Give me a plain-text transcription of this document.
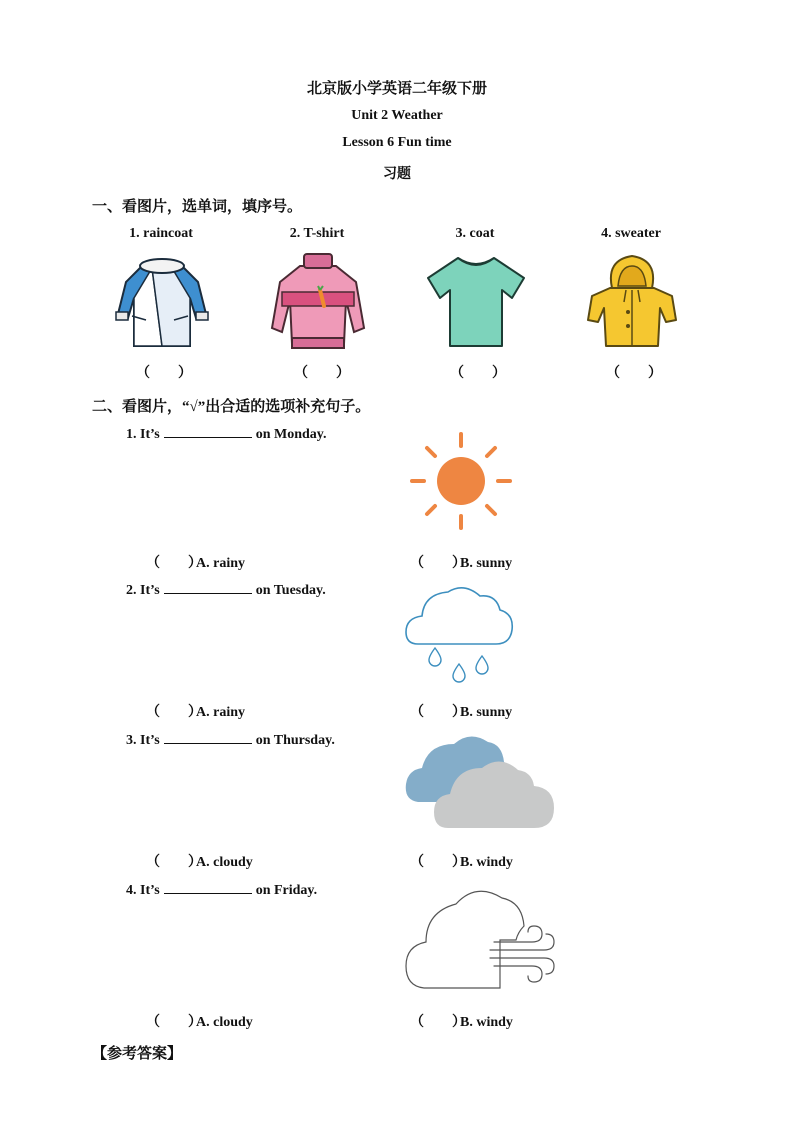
北京版小学英语二年级下册
Unit 2 Weather
Lesson 6 Fun time
习题
一、看图片，选单词，填序号。
1. raincoat	2. T-shirt	3. coat	4. sweater
（　　）	（　　）	（　　）	（　　）
二、看图片，“√”出合适的选项补充句子。
1. It’s	on Monday.
（　　）A. rainy	（　　）B. sunny
2. It’s	on Tuesday.
（　　）A. rainy	（　　）B. sunny
3. It’s	on Thursday.
（　　）A. cloudy	（　　）B. windy
4. It’s	on Friday.
（　　）A. cloudy	（　　）B. windy
【参考答案】
